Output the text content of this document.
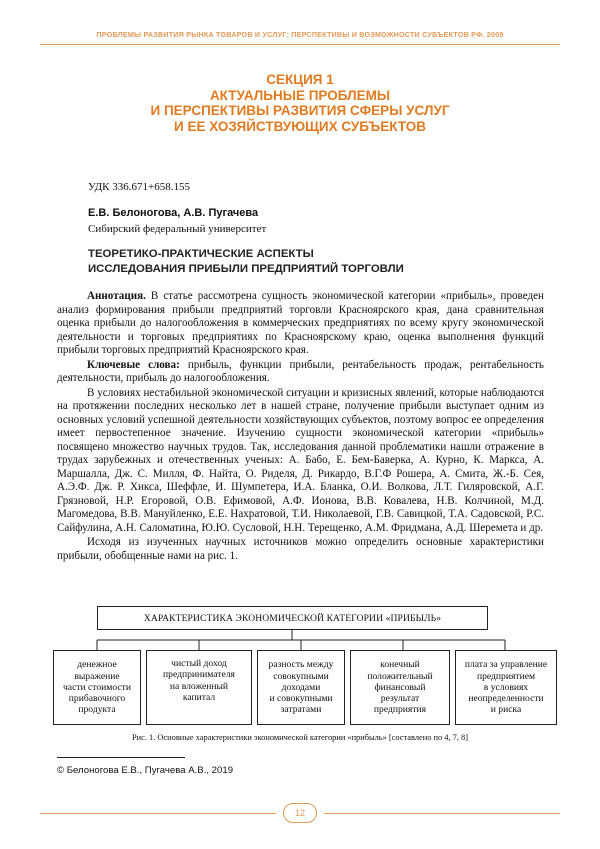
ПРОБЛЕМЫ РАЗВИТИЯ РЫНКА ТОВАРОВ И УСЛУГ: ПЕРСПЕКТИВЫ И ВОЗМОЖНОСТИ СУБЪЕКТОВ РФ. 2009
СЕКЦИЯ 1
АКТУАЛЬНЫЕ ПРОБЛЕМЫ
И ПЕРСПЕКТИВЫ РАЗВИТИЯ СФЕРЫ УСЛУГ
И ЕЕ ХОЗЯЙСТВУЮЩИХ СУБЪЕКТОВ
УДК 336.671+658.155
Е.В. Белоногова, А.В. Пугачева
Сибирский федеральный университет
ТЕОРЕТИКО-ПРАКТИЧЕСКИЕ АСПЕКТЫ
ИССЛЕДОВАНИЯ ПРИБЫЛИ ПРЕДПРИЯТИЙ ТОРГОВЛИ

Аннотация. В статье рассмотрена сущность экономической категории «прибыль», проведен анализ формирования прибыли предприятий торговли Красноярского края, дана сравнительная оценка прибыли до налогообложения в коммерческих предприятиях по всему кругу экономической деятельности и торговых предприятиях по Красноярскому краю, оценка выполнения функций прибыли торговых предприятий Красноярского края.

Ключевые слова: прибыль, функции прибыли, рентабельность продаж, рентабельность деятельности, прибыль до налогообложения.

В условиях нестабильной экономической ситуации и кризисных явлений, которые наблюдаются на протяжении последних несколько лет в нашей стране, получение прибыли выступает одним из основных условий успешной деятельности хозяйствующих субъектов, поэтому вопрос ее определения имеет первостепенное значение. Изучению сущности экономической категории «прибыль» посвящено множество научных трудов. Так, исследования данной проблематики нашли отражение в трудах зарубежных и отечественных ученых: А. Бабо, Е. Бем-Баверка, А. Курно, К. Маркса, А. Маршалла, Дж. С. Милля, Ф. Найта, О. Риделя, Д. Рикардо, В.Г.Ф Рошера, А. Смита, Ж.-Б. Сея, А.Э.Ф. Дж. Р. Хикса, Шеффле, И. Шумпетера, И.А. Бланка, О.И. Волкова, Л.Т. Гиляровской, А.Г. Грязновой, Н.Р. Егоровой, О.В. Ефимовой, А.Ф. Ионова, В.В. Ковалева, Н.В. Колчиной, М.Д. Магомедова, В.В. Мануйленко, Е.Е. Нахратовой, Т.И. Николаевой, Г.В. Савицкой, Т.А. Садовской, Р.С. Сайфулина, А.Н. Саломатина, Ю.Ю. Сусловой, Н.Н. Терещенко, А.М. Фридмана, А.Д. Шеремета и др.

Исходя из изученных научных источников можно определить основные характеристики прибыли, обобщенные нами на рис. 1.

ХАРАКТЕРИСТИКА ЭКОНОМИЧЕСКОЙ КАТЕГОРИИ «ПРИБЫЛЬ»
денежное
выражение
части стоимости
прибавочного
продукта
чистый доход
предпринимателя
на вложенный
капитал
разность между
совокупными
доходами
и совокупными
затратами
конечный
положительный
финансовый
результат
предприятия
плата за управление
предприятием
в условиях
неопределенности
и риска
Рис. 1. Основные характеристики экономической категории «прибыль» [составлено по 4, 7, 8]
© Белоногова Е.В., Пугачева А.В., 2019
12
